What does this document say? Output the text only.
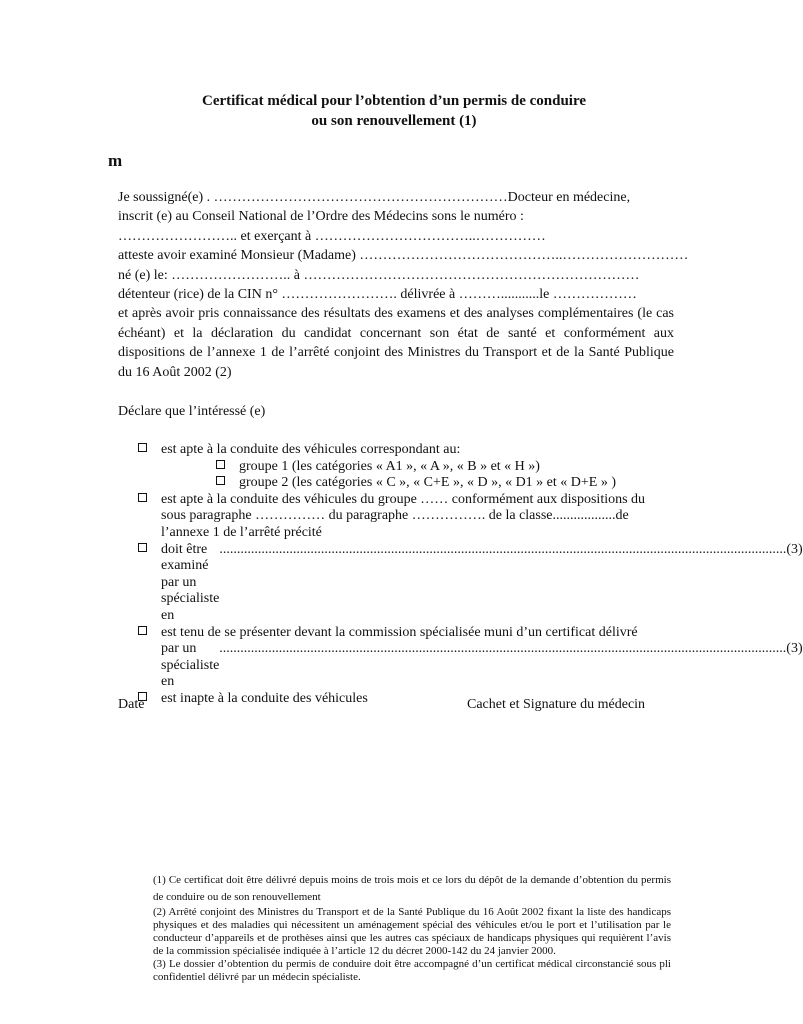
Certificat médical pour l’obtention d’un permis de conduire
ou son renouvellement (1)
m
Je soussigné(e) . ………………………………………………………Docteur en médecine,
inscrit (e) au Conseil National de l’Ordre des Médecins sons le numéro :
…………………….. et exerçant à ……………………………..……………
atteste avoir examiné Monsieur (Madame) ……………………………………..………………………
né (e) le: …………………….. à ………………………………………………………………
détenteur (rice) de la CIN n° ……………………. délivrée à ………...........le ………………
et après avoir pris connaissance des résultats des examens et des analyses complémentaires (le cas échéant) et la déclaration du candidat concernant son état de santé et conformément aux dispositions de l’annexe 1 de l’arrêté conjoint des Ministres du Transport et de la Santé Publique du 16 Août 2002 (2)
Déclare que l’intéressé (e)
est apte à la conduite des véhicules correspondant au:
groupe 1 (les catégories « A1 », « A », « B » et « H »)
groupe 2 (les catégories « C », « C+E », « D », « D1 » et « D+E » )
est apte à la conduite des véhicules du groupe …… conformément aux dispositions du
sous paragraphe …………… du paragraphe ……………. de la classe..................de
l’annexe 1 de l’arrêté précité
doit être examiné par un spécialiste en
.................................................................................................................................................................. (3)
est tenu de se présenter devant la commission spécialisée muni d’un certificat délivré
par un spécialiste en
.................................................................................................................................................................. (3)
est inapte à la conduite des véhicules
Date	Cachet et Signature du médecin

(1) Ce certificat doit être délivré depuis moins de trois mois et ce lors du dépôt de la demande d’obtention du permis de conduire ou de son renouvellement

(2) Arrêté conjoint des Ministres du Transport et de la Santé Publique du 16 Août 2002 fixant la liste des handicaps physiques et des maladies qui nécessitent un aménagement spécial des véhicules et/ou le port et l’utilisation par le conducteur d’appareils et de prothèses ainsi que les autres cas spéciaux de handicaps physiques qui requièrent l’avis de la commission spécialisée indiquée à l’article 12 du décret 2000-142 du 24 janvier 2000.

(3) Le dossier d’obtention du permis de conduire doit être accompagné d’un certificat médical circonstancié sous pli confidentiel délivré par un médecin spécialiste.
